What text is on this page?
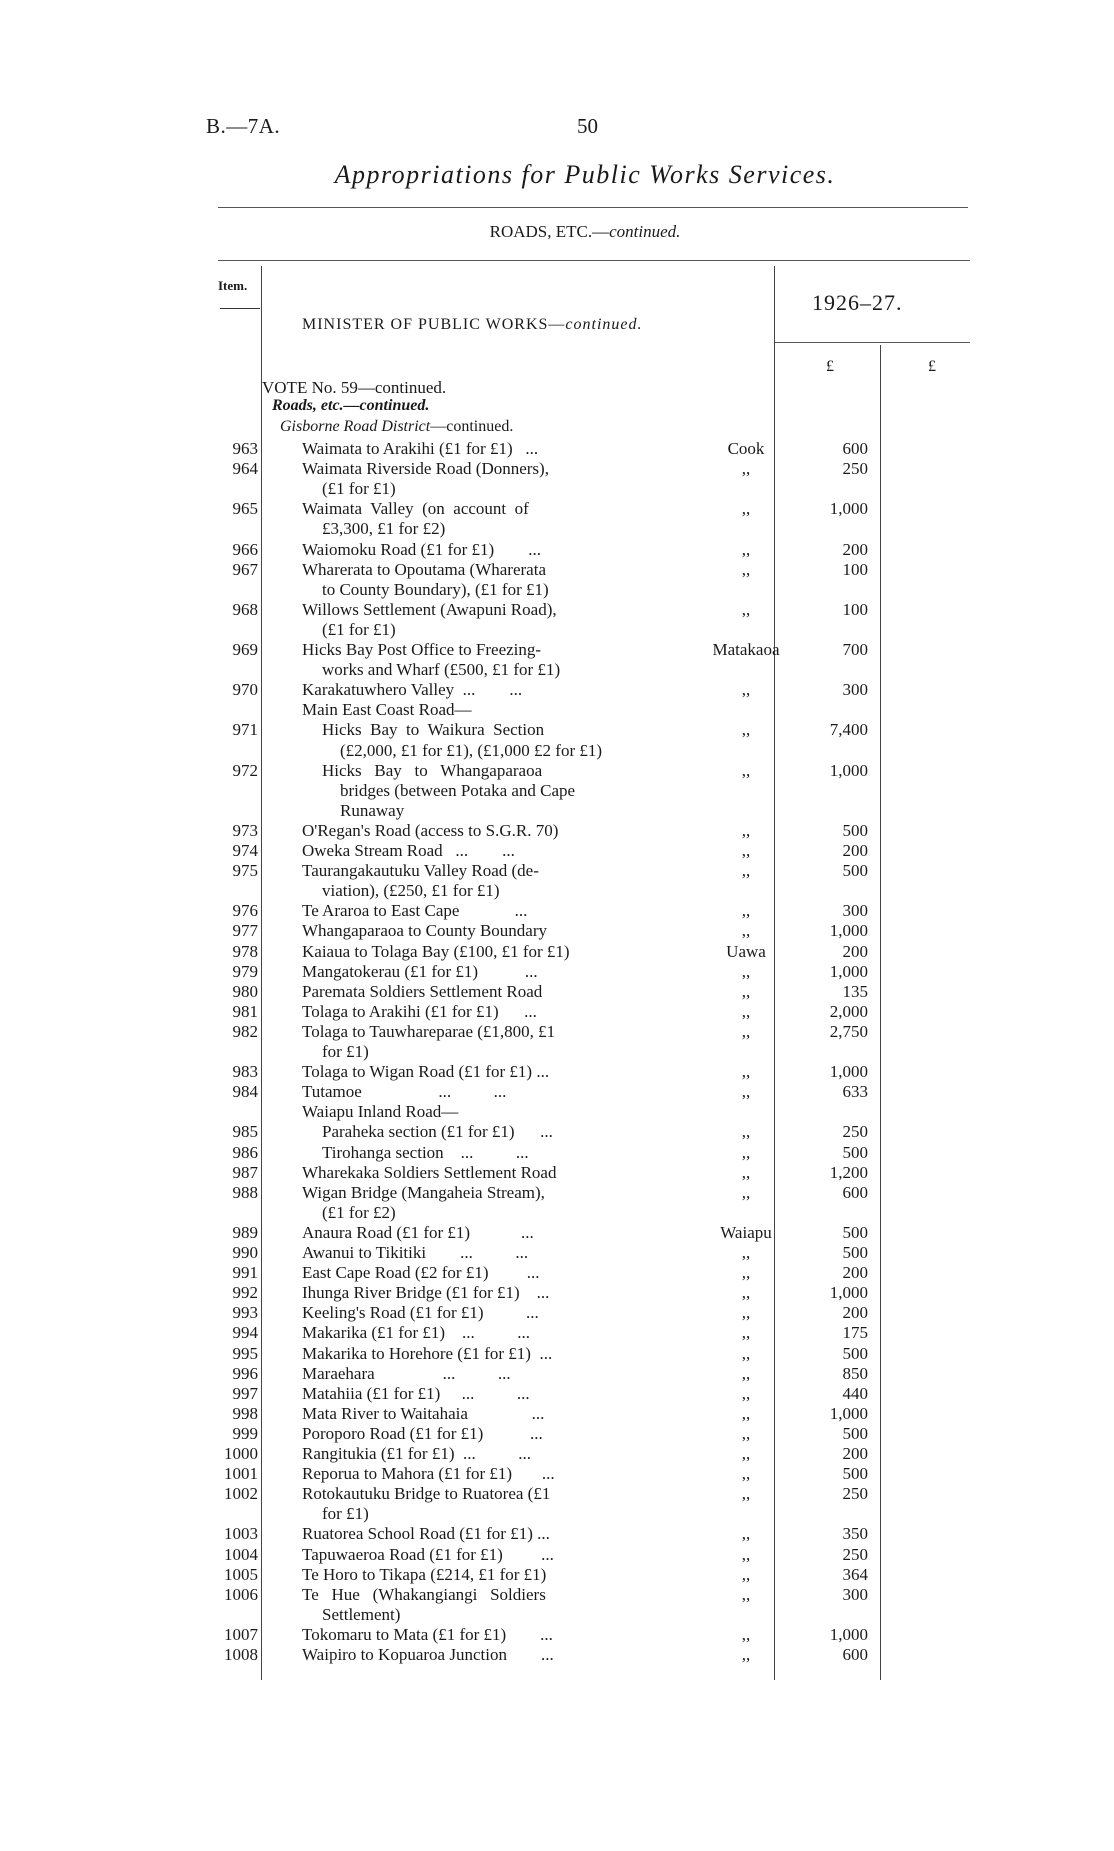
B.—7A.	50
Appropriations for Public Works Services.
ROADS, ETC.—continued.
Item.
MINISTER OF PUBLIC WORKS—continued.
1926–27.
£	£
VOTE No. 59—continued.
Roads, etc.—continued.
Gisborne Road District—continued.
963	Waimata to Arakihi (£1 for £1)   ...	Cook	600
964	Waimata Riverside Road (Donners),	,,	250
(£1 for £1)
965	Waimata  Valley  (on  account  of	,,	1,000
£3,300, £1 for £2)
966	Waiomoku Road (£1 for £1)        ...	,,	200
967	Wharerata to Opoutama (Wharerata	,,	100
to County Boundary), (£1 for £1)
968	Willows Settlement (Awapuni Road),	,,	100
(£1 for £1)
969	Hicks Bay Post Office to Freezing-	Matakaoa	700
works and Wharf (£500, £1 for £1)
970	Karakatuwhero Valley  ...        ...	,,	300
Main East Coast Road—
971	Hicks  Bay  to  Waikura  Section	,,	7,400
(£2,000, £1 for £1), (£1,000 £2 for £1)
972	Hicks   Bay   to   Whangaparaoa	,,	1,000
bridges (between Potaka and Cape
Runaway
973	O'Regan's Road (access to S.G.R. 70)	,,	500
974	Oweka Stream Road   ...        ...	,,	200
975	Taurangakautuku Valley Road (de-	,,	500
viation), (£250, £1 for £1)
976	Te Araroa to East Cape             ...	,,	300
977	Whangaparaoa to County Boundary	,,	1,000
978	Kaiaua to Tolaga Bay (£100, £1 for £1)	Uawa	200
979	Mangatokerau (£1 for £1)           ...	,,	1,000
980	Paremata Soldiers Settlement Road	,,	135
981	Tolaga to Arakihi (£1 for £1)      ...	,,	2,000
982	Tolaga to Tauwhareparae (£1,800, £1	,,	2,750
for £1)
983	Tolaga to Wigan Road (£1 for £1) ...	,,	1,000
984	Tutamoe                  ...          ...	,,	633
Waiapu Inland Road—
985	Paraheka section (£1 for £1)      ...	,,	250
986	Tirohanga section    ...          ...	,,	500
987	Wharekaka Soldiers Settlement Road	,,	1,200
988	Wigan Bridge (Mangaheia Stream),	,,	600
(£1 for £2)
989	Anaura Road (£1 for £1)            ...	Waiapu	500
990	Awanui to Tikitiki        ...          ...	,,	500
991	East Cape Road (£2 for £1)         ...	,,	200
992	Ihunga River Bridge (£1 for £1)    ...	,,	1,000
993	Keeling's Road (£1 for £1)          ...	,,	200
994	Makarika (£1 for £1)    ...          ...	,,	175
995	Makarika to Horehore (£1 for £1)  ...	,,	500
996	Maraehara                ...          ...	,,	850
997	Matahiia (£1 for £1)     ...          ...	,,	440
998	Mata River to Waitahaia               ...	,,	1,000
999	Poroporo Road (£1 for £1)           ...	,,	500
1000	Rangitukia (£1 for £1)  ...          ...	,,	200
1001	Reporua to Mahora (£1 for £1)       ...	,,	500
1002	Rotokautuku Bridge to Ruatorea (£1	,,	250
for £1)
1003	Ruatorea School Road (£1 for £1) ...	,,	350
1004	Tapuwaeroa Road (£1 for £1)         ...	,,	250
1005	Te Horo to Tikapa (£214, £1 for £1)	,,	364
1006	Te   Hue   (Whakangiangi   Soldiers	,,	300
Settlement)
1007	Tokomaru to Mata (£1 for £1)        ...	,,	1,000
1008	Waipiro to Kopuaroa Junction        ...	,,	600
